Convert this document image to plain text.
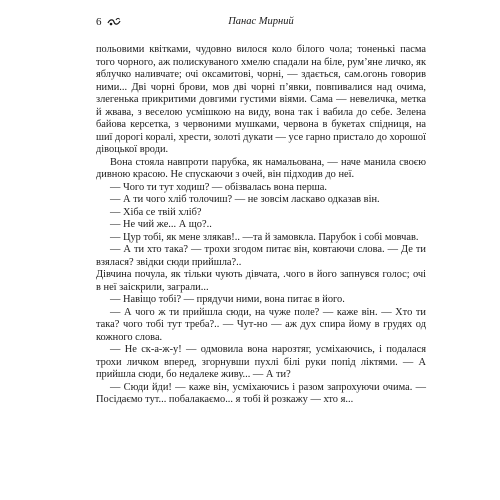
6	Панас Мирний

польовими квітками, чудовно вилося коло білого чола; тоненькі пасма того чорного, аж полискуваного хмелю спадали на біле, рум’яне личко, як яблучко наливчате; очі оксамитові, чорні, — здається, сам.огонь говорив ними... Дві чорні брови, мов дві чорні п’явки, повпивалися над очима, злегенька прикритими довгими густими віями. Сама — невеличка, метка й жвава, з веселою усмішкою на виду, вона так і вабила до себе. Зелена байова керсетка, з червоними мушками, червона в букетах спідниця, на шиї дорогі коралі, хрести, золоті дукати — усе гарно пристало до хорошої дівоцької вроди.

Вона стояла навпроти парубка, як намальована, — наче манила своєю дивною красою. Не спускаючи з очей, він підходив до неї.

— Чого ти тут ходиш? — обізвалась вона перша.

— А ти чого хліб толочиш? — не зовсім ласкаво одказав він.

— Хіба се твій хліб?

— Не чий же... А що?..

— Цур тобі, як мене злякав!.. —та й замовкла. Парубок і собі мовчав.

— А ти хто така? — трохи згодом питає він, ковтаючи слова. — Де ти взялася? звідки сюди прийшла?..

Дівчина почула, як тільки чують дівчата, .чого в його запнувся голос; очі в неї заіскрили, заграли...

— Навіщо тобі? — прядучи ними, вона питає в його.

— А чого ж ти прийшла сюди, на чуже поле? — каже він. — Хто ти така? чого тобі тут треба?.. — Чут-но — аж дух спира йому в грудях од кожного слова.

— Не ск-а-ж-у! — одмовила вона нарозтяг, усміхаючись, і подалася трохи личком вперед, згорнувши пухлі білі руки попід ліктями. — А прийшла сюди, бо недалеке живу... — А ти?

— Сюди йди! — каже він, усміхаючись і разом запрохуючи очима. — Посідаємо тут... побалакаємо... я тобі й розкажу — хто я...
